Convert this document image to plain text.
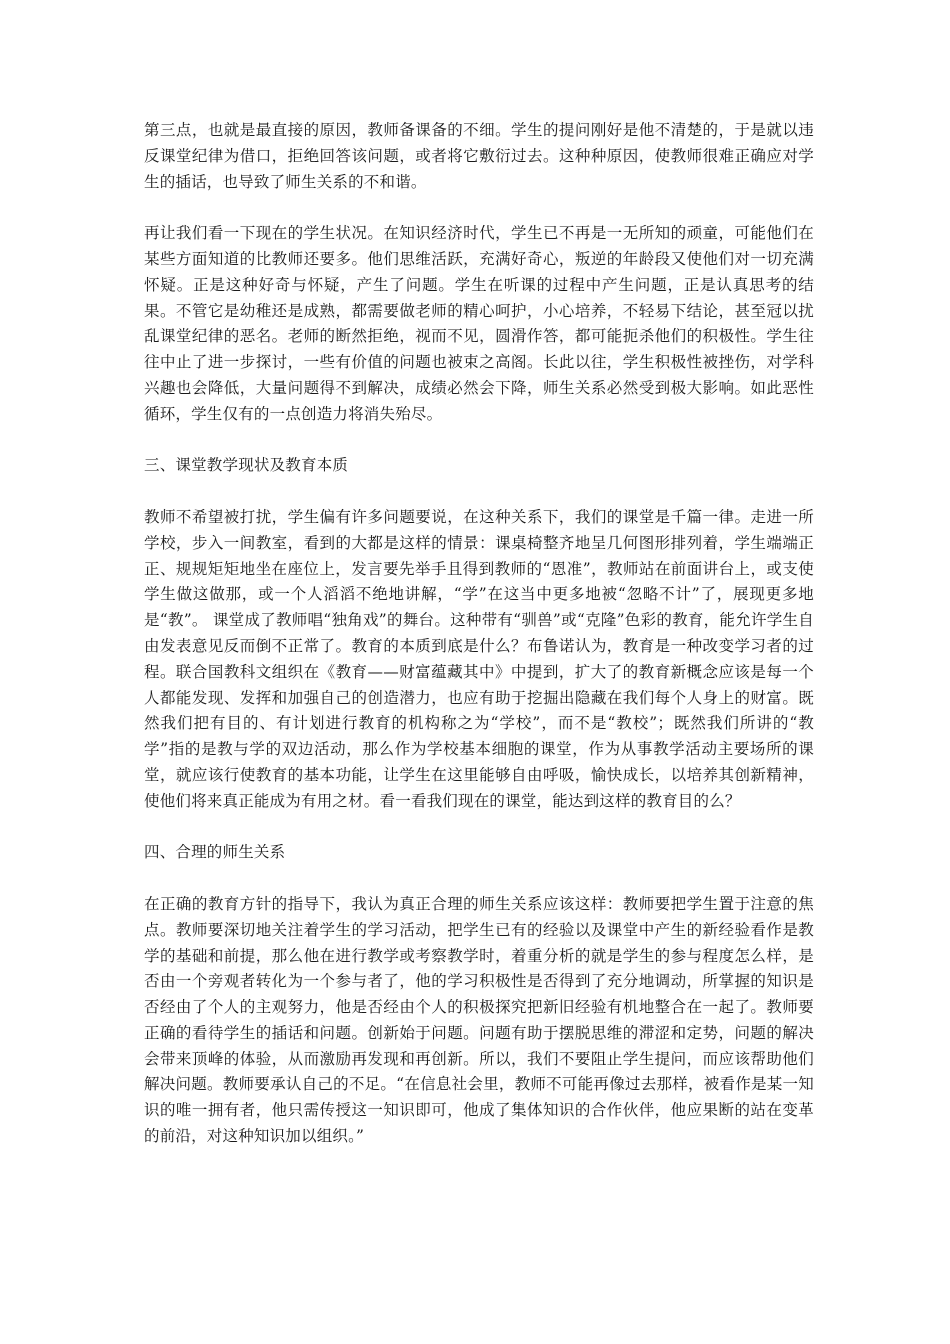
第三点，也就是最直接的原因，教师备课备的不细。学生的提问刚好是他不清楚的，于是就以违反课堂纪律为借口，拒绝回答该问题，或者将它敷衍过去。这种种原因，使教师很难正确应对学生的插话，也导致了师生关系的不和谐。

再让我们看一下现在的学生状况。在知识经济时代，学生已不再是一无所知的顽童，可能他们在某些方面知道的比教师还要多。他们思维活跃，充满好奇心，叛逆的年龄段又使他们对一切充满怀疑。正是这种好奇与怀疑，产生了问题。学生在听课的过程中产生问题，正是认真思考的结果。不管它是幼稚还是成熟，都需要做老师的精心呵护，小心培养，不轻易下结论，甚至冠以扰乱课堂纪律的恶名。老师的断然拒绝，视而不见，圆滑作答，都可能扼杀他们的积极性。学生往往中止了进一步探讨，一些有价值的问题也被束之高阁。长此以往，学生积极性被挫伤，对学科兴趣也会降低，大量问题得不到解决，成绩必然会下降，师生关系必然受到极大影响。如此恶性循环，学生仅有的一点创造力将消失殆尽。

三、课堂教学现状及教育本质

教师不希望被打扰，学生偏有许多问题要说，在这种关系下，我们的课堂是千篇一律。走进一所学校，步入一间教室，看到的大都是这样的情景：课桌椅整齐地呈几何图形排列着，学生端端正正、规规矩矩地坐在座位上，发言要先举手且得到教师的“恩准”，教师站在前面讲台上，或支使学生做这做那，或一个人滔滔不绝地讲解，“学”在这当中更多地被“忽略不计”了，展现更多地是“教”。 课堂成了教师唱“独角戏”的舞台。这种带有“驯兽”或“克隆”色彩的教育，能允许学生自由发表意见反而倒不正常了。教育的本质到底是什么？布鲁诺认为，教育是一种改变学习者的过程。联合国教科文组织在《教育——财富蕴藏其中》中提到，扩大了的教育新概念应该是每一个人都能发现、发挥和加强自己的创造潜力，也应有助于挖掘出隐藏在我们每个人身上的财富。既然我们把有目的、有计划进行教育的机构称之为“学校”，而不是“教校”；既然我们所讲的“教学”指的是教与学的双边活动，那么作为学校基本细胞的课堂，作为从事教学活动主要场所的课堂，就应该行使教育的基本功能，让学生在这里能够自由呼吸，愉快成长，以培养其创新精神，使他们将来真正能成为有用之材。看一看我们现在的课堂，能达到这样的教育目的么？

四、合理的师生关系

在正确的教育方针的指导下，我认为真正合理的师生关系应该这样：教师要把学生置于注意的焦点。教师要深切地关注着学生的学习活动，把学生已有的经验以及课堂中产生的新经验看作是教学的基础和前提，那么他在进行教学或考察教学时，着重分析的就是学生的参与程度怎么样，是否由一个旁观者转化为一个参与者了，他的学习积极性是否得到了充分地调动，所掌握的知识是否经由了个人的主观努力，他是否经由个人的积极探究把新旧经验有机地整合在一起了。教师要正确的看待学生的插话和问题。创新始于问题。问题有助于摆脱思维的滞涩和定势，问题的解决会带来顶峰的体验，从而激励再发现和再创新。所以，我们不要阻止学生提问，而应该帮助他们解决问题。教师要承认自己的不足。“在信息社会里，教师不可能再像过去那样，被看作是某一知识的唯一拥有者，他只需传授这一知识即可，他成了集体知识的合作伙伴，他应果断的站在变革的前沿，对这种知识加以组织。”
